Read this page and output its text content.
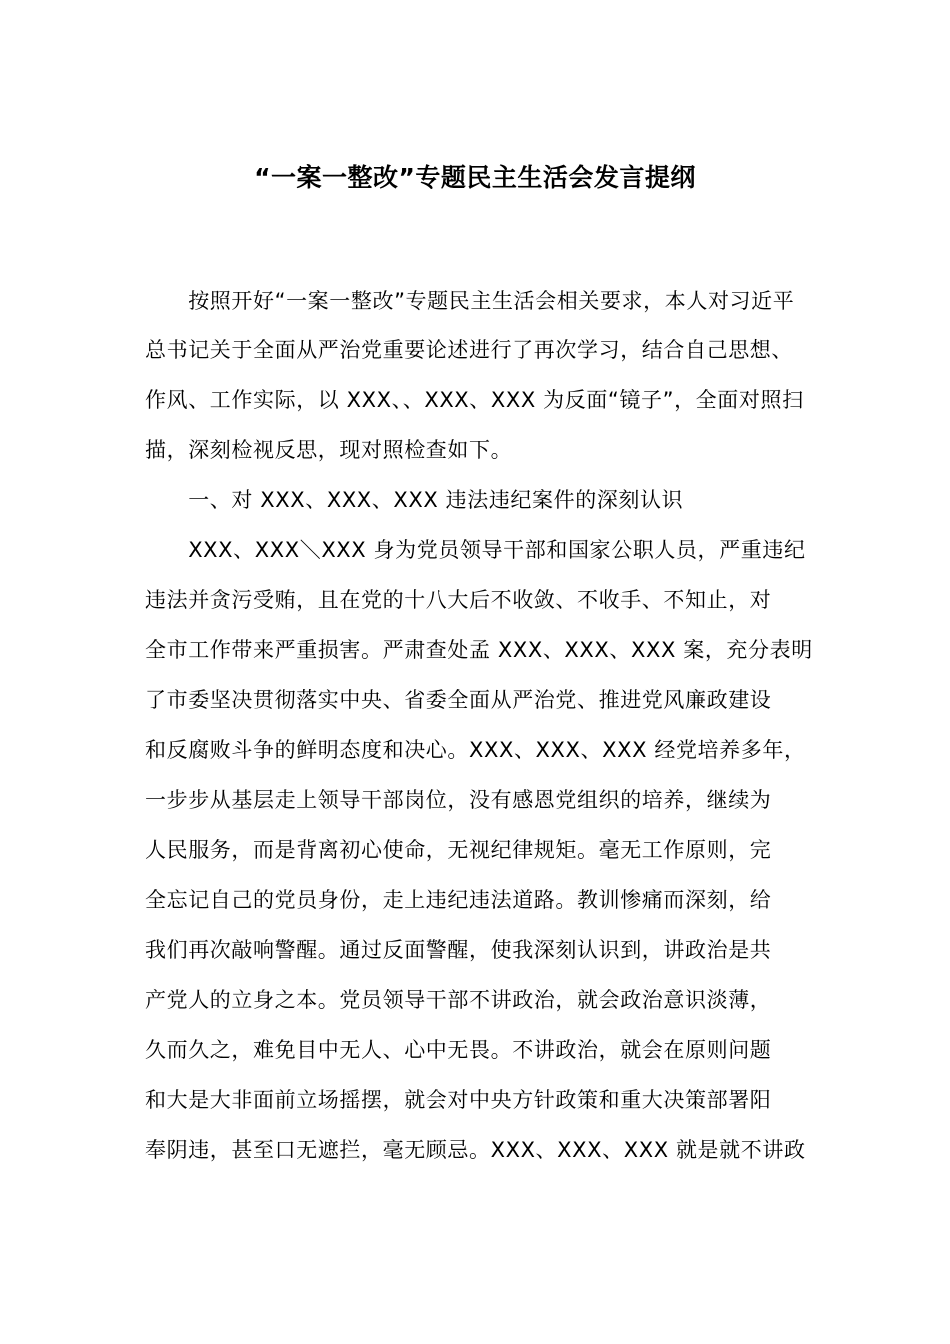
“一案一整改”专题民主生活会发言提纲
　　按照开好“一案一整改”专题民主生活会相关要求，本人对习近平
总书记关于全面从严治党重要论述进行了再次学习，结合自己思想、
作风、工作实际，以 XXX、、XXX、XXX 为反面“镜子”，全面对照扫
描，深刻检视反思，现对照检查如下。
　　一、对 XXX、XXX、XXX 违法违纪案件的深刻认识
　　XXX、XXX＼XXX 身为党员领导干部和国家公职人员，严重违纪
违法并贪污受贿，且在党的十八大后不收敛、不收手、不知止，对
全市工作带来严重损害。严肃查处孟 XXX、XXX、XXX 案，充分表明
了市委坚决贯彻落实中央、省委全面从严治党、推进党风廉政建设
和反腐败斗争的鲜明态度和决心。XXX、XXX、XXX 经党培养多年，
一步步从基层走上领导干部岗位，没有感恩党组织的培养，继续为
人民服务，而是背离初心使命，无视纪律规矩。毫无工作原则，完
全忘记自己的党员身份，走上违纪违法道路。教训惨痛而深刻，给
我们再次敲响警醒。通过反面警醒，使我深刻认识到，讲政治是共
产党人的立身之本。党员领导干部不讲政治，就会政治意识淡薄，
久而久之，难免目中无人、心中无畏。不讲政治，就会在原则问题
和大是大非面前立场摇摆，就会对中央方针政策和重大决策部署阳
奉阴违，甚至口无遮拦，毫无顾忌。XXX、XXX、XXX 就是就不讲政
